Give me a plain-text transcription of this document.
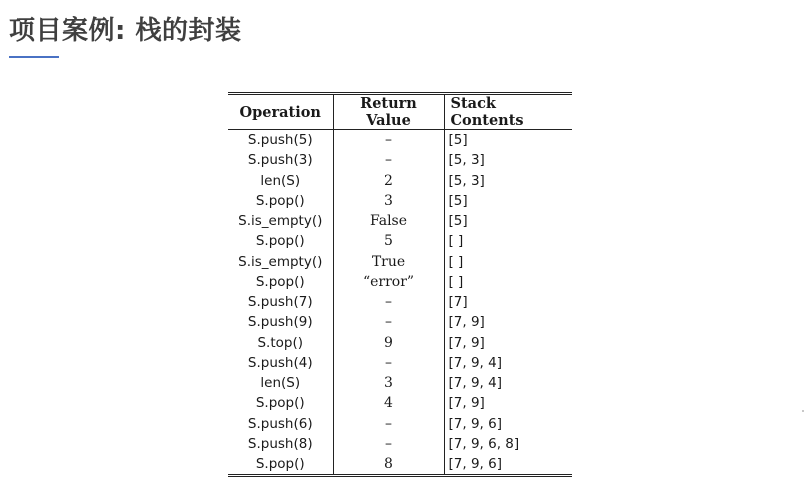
项目案例: 栈的封装
Operation	Return Value	Stack Contents
S.push(5)	–	[5]
S.push(3)	–	[5, 3]
len(S)	2	[5, 3]
S.pop()	3	[5]
S.is_empty()	False	[5]
S.pop()	5	[ ]
S.is_empty()	True	[ ]
S.pop()	“error”	[ ]
S.push(7)	–	[7]
S.push(9)	–	[7, 9]
S.top()	9	[7, 9]
S.push(4)	–	[7, 9, 4]
len(S)	3	[7, 9, 4]
S.pop()	4	[7, 9]
S.push(6)	–	[7, 9, 6]
S.push(8)	–	[7, 9, 6, 8]
S.pop()	8	[7, 9, 6]
